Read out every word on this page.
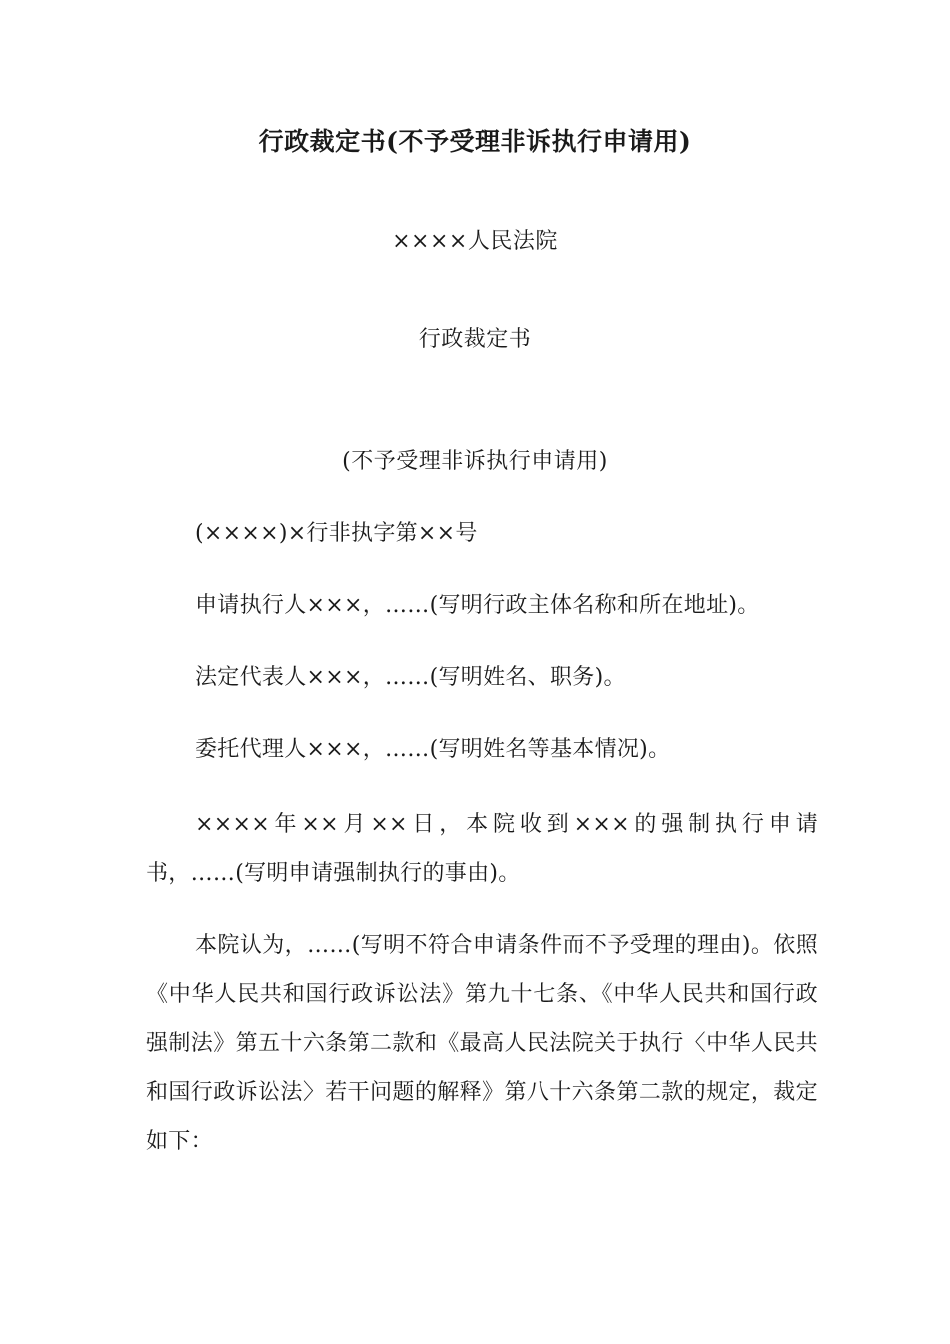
行政裁定书(不予受理非诉执行申请用)
××××人民法院
行政裁定书
(不予受理非诉执行申请用)
(××××)×行非执字第××号
申请执行人×××，……(写明行政主体名称和所在地址)。
法定代表人×××，……(写明姓名、职务)。
委托代理人×××，……(写明姓名等基本情况)。
××××年××月××日，本院收到×××的强制执行申请书，……(写明申请强制执行的事由)。
本院认为，……(写明不符合申请条件而不予受理的理由)。依照《中华人民共和国行政诉讼法》第九十七条、《中华人民共和国行政强制法》第五十六条第二款和《最高人民法院关于执行〈中华人民共和国行政诉讼法〉若干问题的解释》第八十六条第二款的规定，裁定如下：
